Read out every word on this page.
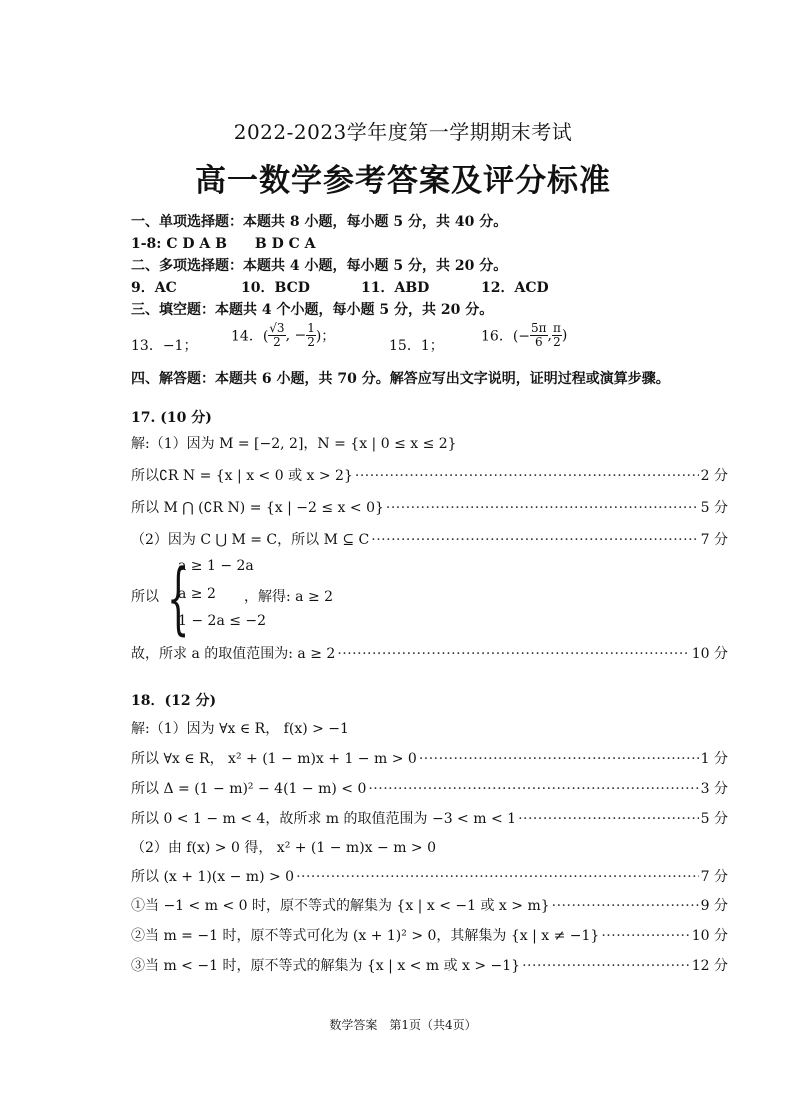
2022-2023学年度第一学期期末考试
高一数学参考答案及评分标准
一、单项选择题：本题共 8 小题，每小题 5 分，共 40 分。
1-8: C D A B　　B D C A
二、多项选择题：本题共 4 小题，每小题 5 分，共 20 分。
9．AC	10．BCD	11．ABD	12．ACD
三、填空题：本题共 4 个小题，每小题 5 分，共 20 分。
13．−1；
14．( $\frac{√3}{2}$ , − $\frac{1}{2}$ )；
15．1；
16．(− $\frac{5\pi}{6}$ , $\frac{\pi}{2}$ )
四、解答题：本题共 6 小题，共 70 分。解答应写出文字说明，证明过程或演算步骤。
17. (10 分)
解:（1）因为 M = [−2, 2]，N = {x | 0 ≤ x ≤ 2}
所以∁R N = {x | x < 0 或 x > 2} ·····	2 分
所以 M ⋂ (∁R N) = {x | −2 ≤ x < 0} ·····	5 分
（2）因为 C ⋃ M = C，所以 M ⊆ C ·····	7 分
所以 {
a ≥ 1 − 2a
a ≥ 2
1 − 2a ≤ −2
，解得: a ≥ 2
故，所求 a 的取值范围为: a ≥ 2 ·····	10 分
18．(12 分)
解:（1）因为 ∀x ∈ R， f(x) > −1
所以 ∀x ∈ R， x² + (1 − m)x + 1 − m > 0 ·····	1 分
所以 Δ = (1 − m)² − 4(1 − m) < 0 ·····	3 分
所以 0 < 1 − m < 4，故所求 m 的取值范围为 −3 < m < 1 ·····	5 分
（2）由 f(x) > 0 得， x² + (1 − m)x − m > 0
所以 (x + 1)(x − m) > 0 ·····	7 分
①当 −1 < m < 0 时，原不等式的解集为 {x | x < −1 或 x > m} ·····	9 分
②当 m = −1 时，原不等式可化为 (x + 1)² > 0，其解集为 {x | x ≠ −1} ·····	10 分
③当 m < −1 时，原不等式的解集为 {x | x < m 或 x > −1} ·····	12 分
数学答案　第1页（共4页）
